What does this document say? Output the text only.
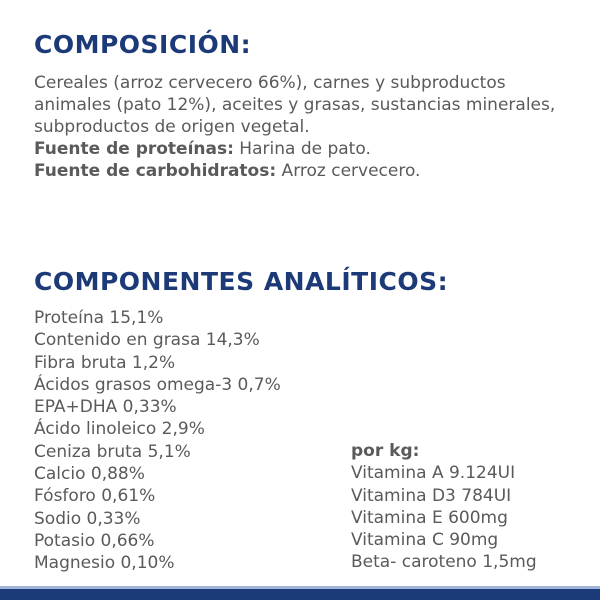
COMPOSICIÓN:

Cereales (arroz cervecero 66%), carnes y subproductos animales (pato 12%), aceites y grasas, sustancias minerales, subproductos de origen vegetal.

Fuente de proteínas: Harina de pato.

Fuente de carbohidratos: Arroz cervecero.

COMPONENTES ANALÍTICOS:
Proteína 15,1%
Contenido en grasa 14,3%
Fibra bruta 1,2%
Ácidos grasos omega-3 0,7%
EPA+DHA 0,33%
Ácido linoleico 2,9%
Ceniza bruta 5,1%
Calcio 0,88%
Fósforo 0,61%
Sodio 0,33%
Potasio 0,66%
Magnesio 0,10%
por kg:
Vitamina A 9.124UI
Vitamina D3 784UI
Vitamina E 600mg
Vitamina C 90mg
Beta- caroteno 1,5mg
